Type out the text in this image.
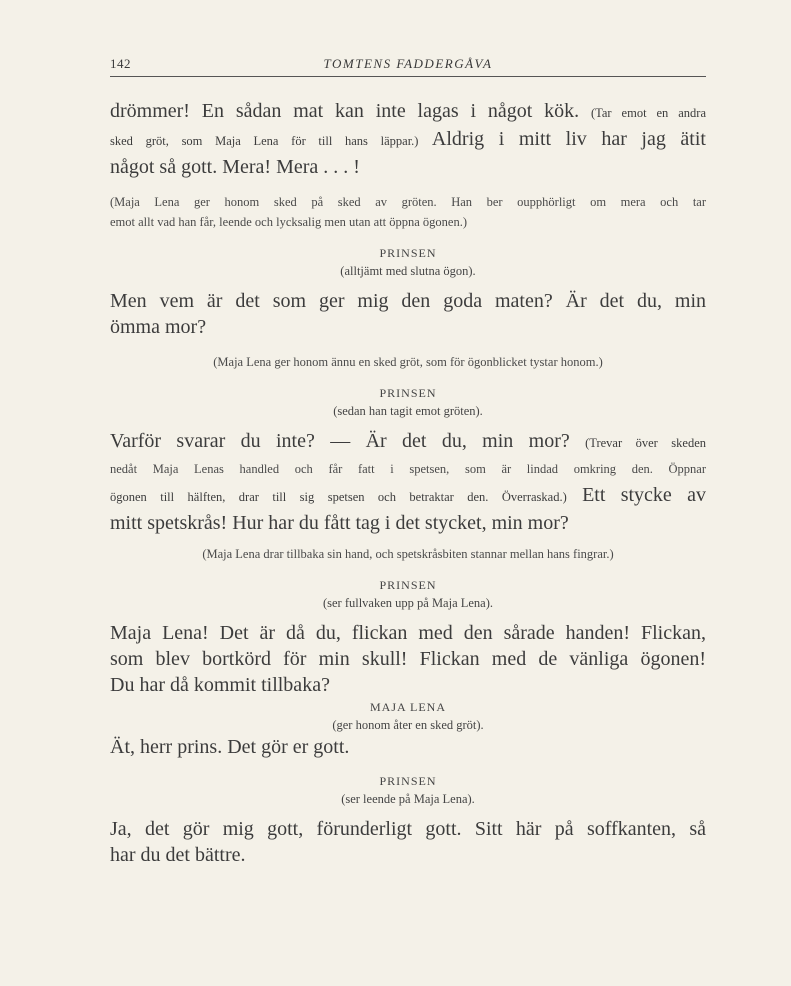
142	TOMTENS FADDERGÅVA
drömmer! En sådan mat kan inte lagas i något kök. (Tar emot en andra
sked gröt, som Maja Lena för till hans läppar.) Aldrig i mitt liv har jag ätit
något så gott. Mera! Mera . . . !
(Maja Lena ger honom sked på sked av gröten. Han ber oupphörligt om mera och tar
emot allt vad han får, leende och lycksalig men utan att öppna ögonen.)
PRINSEN
(alltjämt med slutna ögon).
Men vem är det som ger mig den goda maten? Är det du, min
ömma mor?
(Maja Lena ger honom ännu en sked gröt, som för ögonblicket tystar honom.)
PRINSEN
(sedan han tagit emot gröten).
Varför svarar du inte? — Är det du, min mor? (Trevar över skeden
nedåt Maja Lenas handled och får fatt i spetsen, som är lindad omkring den. Öppnar
ögonen till hälften, drar till sig spetsen och betraktar den. Överraskad.) Ett stycke av
mitt spetskrås! Hur har du fått tag i det stycket, min mor?
(Maja Lena drar tillbaka sin hand, och spetskråsbiten stannar mellan hans fingrar.)
PRINSEN
(ser fullvaken upp på Maja Lena).
Maja Lena! Det är då du, flickan med den sårade handen! Flickan,
som blev bortkörd för min skull! Flickan med de vänliga ögonen!
Du har då kommit tillbaka?
MAJA LENA
(ger honom åter en sked gröt).
Ät, herr prins. Det gör er gott.
PRINSEN
(ser leende på Maja Lena).
Ja, det gör mig gott, förunderligt gott. Sitt här på soffkanten, så
har du det bättre.
